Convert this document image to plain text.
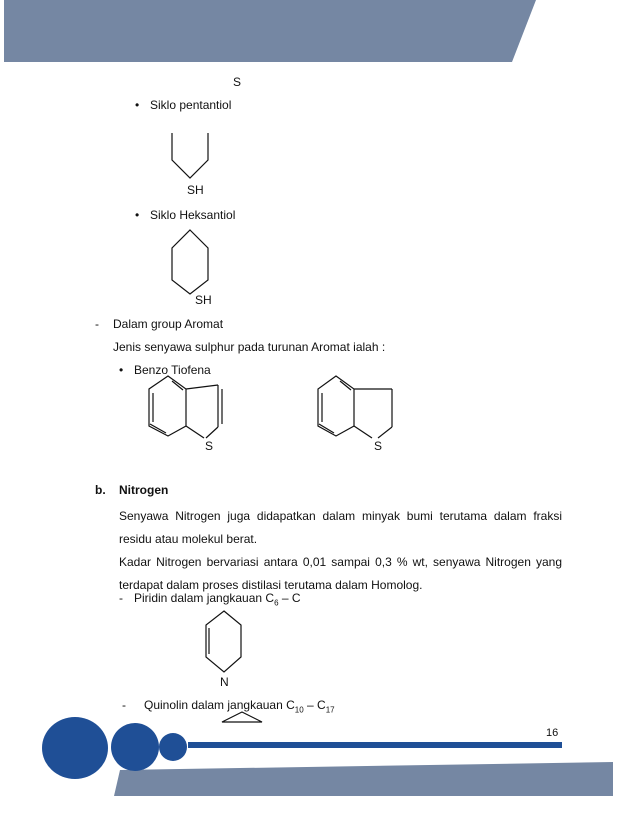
S
• Siklo pentantiol
SH
• Siklo Heksantiol
SH
- Dalam group Aromat
Jenis senyawa sulphur pada turunan Aromat ialah :
• Benzo Tiofena
S	S
b. Nitrogen
Senyawa Nitrogen juga didapatkan dalam minyak bumi terutama dalam fraksi residu atau molekul berat.
Kadar Nitrogen bervariasi antara 0,01 sampai 0,3 % wt, senyawa Nitrogen yang terdapat dalam proses distilasi terutama dalam Homolog.
- Piridin dalam jangkauan $C_6$ – C
N
- Quinolin dalam jangkauan $C_{10} - C_{17}$
16
